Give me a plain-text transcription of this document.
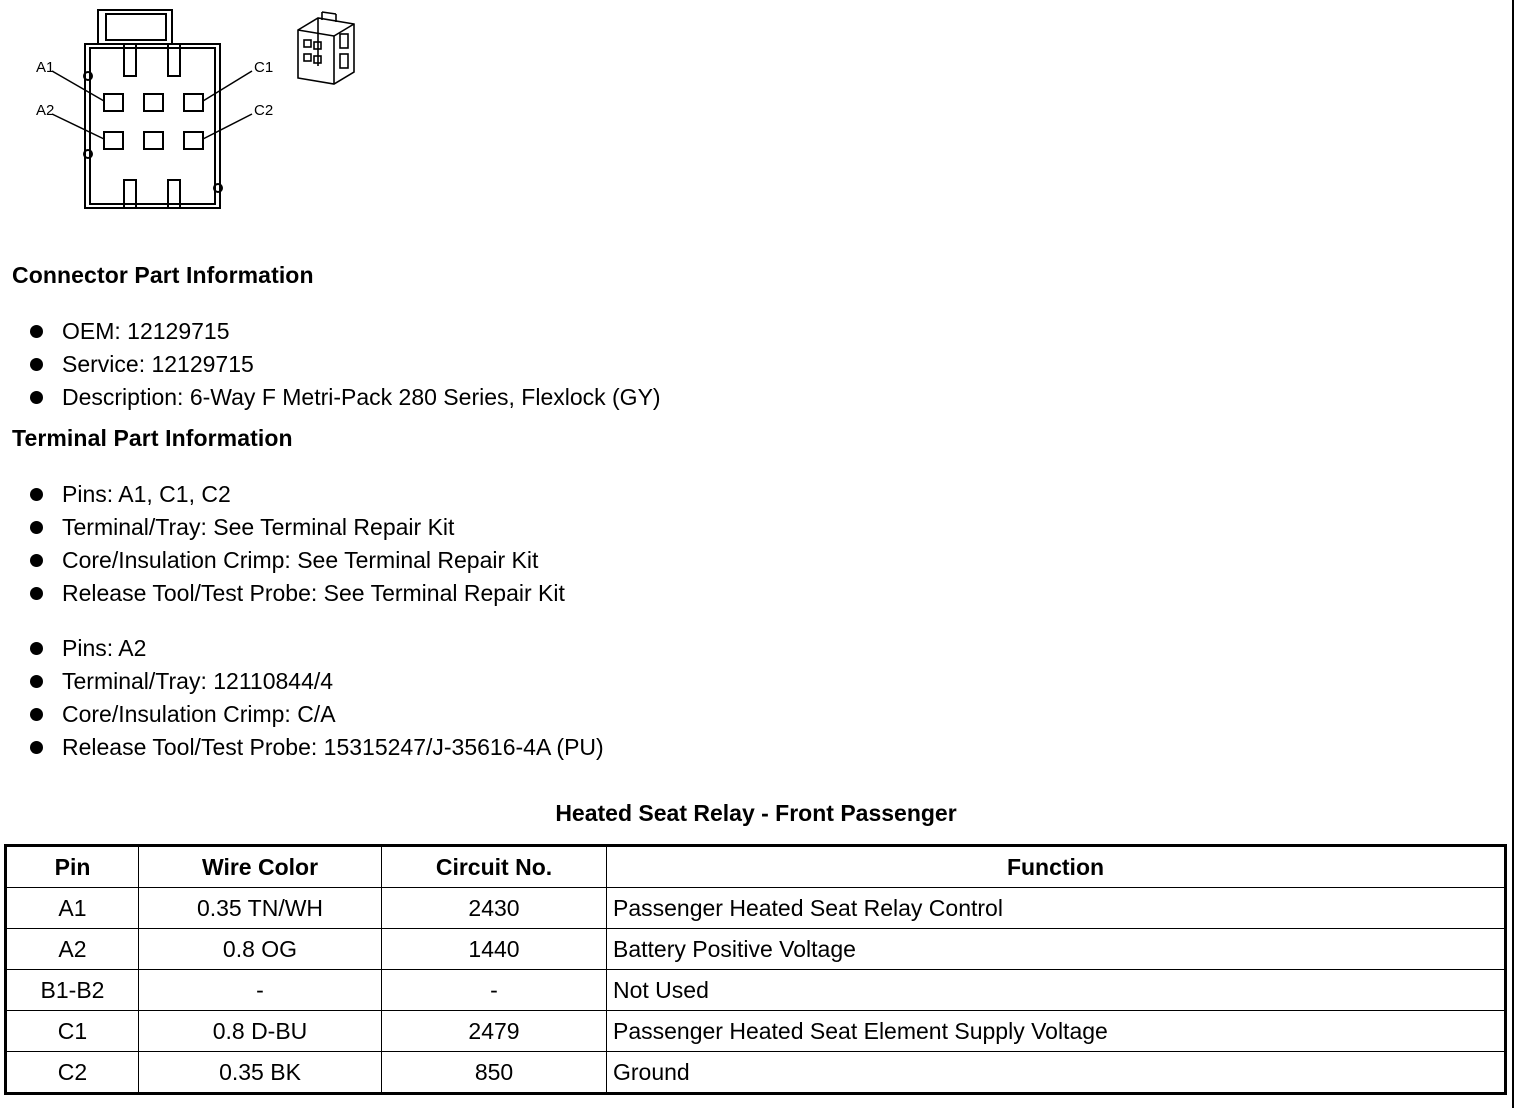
A1
A2
C1
C2
Connector Part Information
OEM: 12129715
Service: 12129715
Description: 6-Way F Metri-Pack 280 Series, Flexlock (GY)
Terminal Part Information
Pins: A1, C1, C2
Terminal/Tray: See Terminal Repair Kit
Core/Insulation Crimp: See Terminal Repair Kit
Release Tool/Test Probe: See Terminal Repair Kit
Pins: A2
Terminal/Tray: 12110844/4
Core/Insulation Crimp: C/A
Release Tool/Test Probe: 15315247/J-35616-4A (PU)
Heated Seat Relay - Front Passenger
Pin	Wire Color	Circuit No.	Function
A1	0.35 TN/WH	2430	Passenger Heated Seat Relay Control
A2	0.8 OG	1440	Battery Positive Voltage
B1-B2	-	-	Not Used
C1	0.8 D-BU	2479	Passenger Heated Seat Element Supply Voltage
C2	0.35 BK	850	Ground
